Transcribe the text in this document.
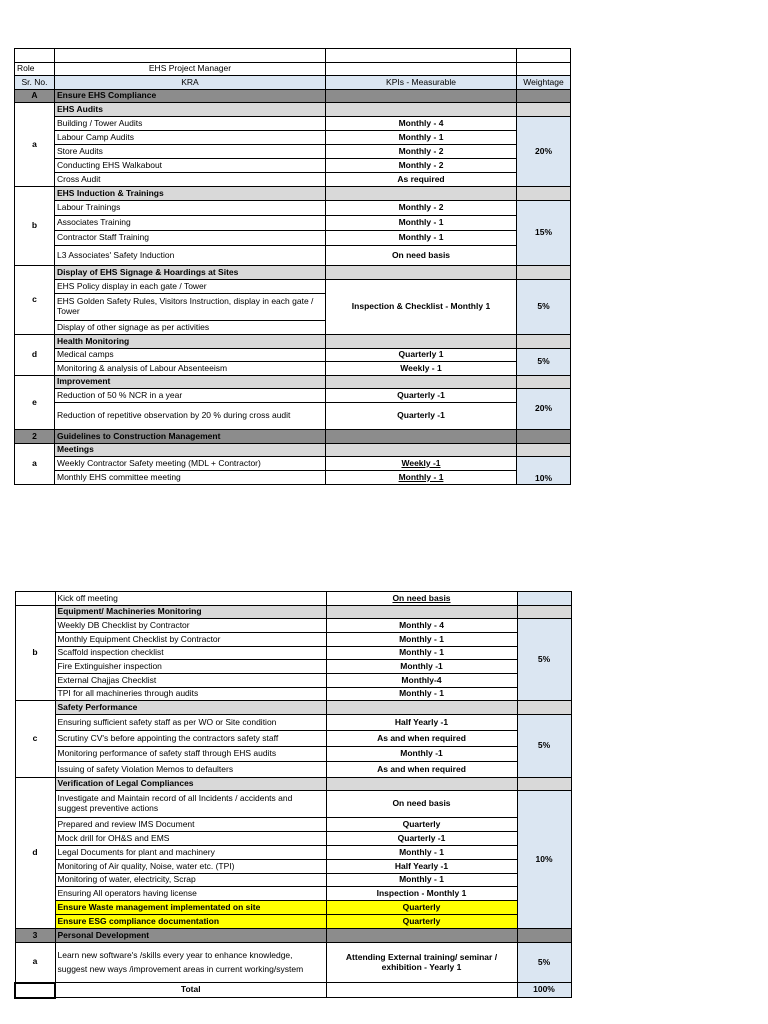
Role	EHS Project Manager		
Sr. No.	KRA	KPIs - Measurable	Weightage
A	Ensure EHS Compliance		
a	EHS Audits		
	Building / Tower Audits	Monthly - 4	20%
	Labour Camp Audits	Monthly - 1	
	Store Audits	Monthly - 2	
	Conducting EHS Walkabout	Monthly - 2	
	Cross Audit	As required	
b	EHS Induction & Trainings		
	Labour Trainings	Monthly - 2	15%
	Associates Training	Monthly - 1	
	Contractor Staff Training	Monthly - 1	
	L3 Associates' Safety Induction	On need basis	
c	Display of EHS Signage & Hoardings at Sites		
	EHS Policy display in each gate / Tower	Inspection & Checklist - Monthly 1	5%
	EHS Golden Safety Rules, Visitors Instruction, display in each gate / Tower		
	Display of other signage as per activities		
d	Health Monitoring		
	Medical camps	Quarterly 1	5%
	Monitoring & analysis of Labour Absenteeism	Weekly - 1	
e	Improvement		
	Reduction of 50 % NCR in a year	Quarterly -1	20%
	Reduction of repetitive observation by 20 % during cross audit	Quarterly -1	
2	Guidelines to Construction Management		
a	Meetings		
	Weekly Contractor Safety meeting (MDL + Contractor)	Weekly -1	10%
	Monthly EHS committee meeting	Monthly - 1	
	Kick off meeting	On need basis	
b	Equipment/ Machineries Monitoring		
	Weekly DB Checklist by Contractor	Monthly - 4	5%
	Monthly Equipment Checklist by Contractor	Monthly - 1	
	Scaffold inspection checklist	Monthly - 1	
	Fire Extinguisher inspection	Monthly -1	
	External Chajjas Checklist	Monthly-4	
	TPI for all machineries through audits	Monthly - 1	
c	Safety Performance		
	Ensuring sufficient safety staff as per WO or Site condition	Half Yearly -1	5%
	Scrutiny CV's before appointing the contractors safety staff	As and when required	
	Monitoring performance of safety staff through EHS audits	Monthly -1	
	Issuing of safety Violation Memos to defaulters	As and when required	
d	Verification of Legal Compliances		
	Investigate and Maintain record of all Incidents / accidents and suggest preventive actions	On need basis	10%
	Prepared and review IMS Document	Quarterly	
	Mock drill for OH&S and EMS	Quarterly -1	
	Legal Documents for plant and machinery	Monthly - 1	
	Monitoring of Air quality, Noise, water etc. (TPI)	Half Yearly -1	
	Monitoring of water, electricity, Scrap	Monthly - 1	
	Ensuring All operators having license	Inspection - Monthly 1	
	Ensure Waste management implementated on site	Quarterly	
	Ensure ESG compliance documentation	Quarterly	
3	Personal Development		
a	Learn new software's /skills every year to enhance knowledge, suggest new ways /improvement areas in current working/system	Attending External training/ seminar / exhibition - Yearly 1	5%
	Total		100%
